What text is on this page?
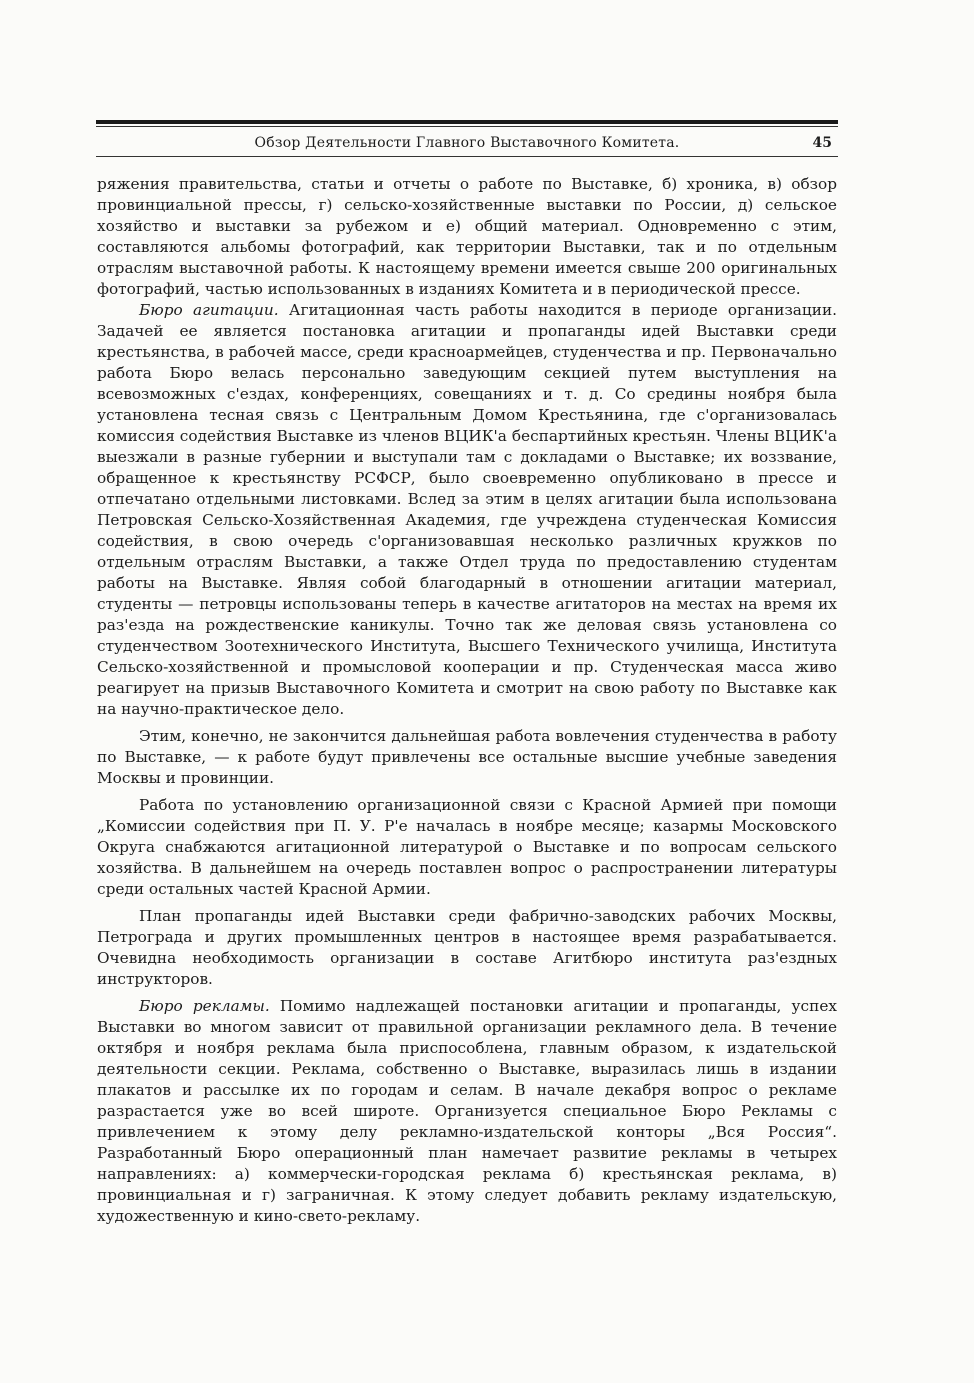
Обзор Деятельности Главного Выставочного Комитета.	45

ряжения правительства, статьи и отчеты о работе по Выставке, б) хроника, в) обзор провинциальной прессы, г) сельско-хозяйственные выставки по России, д) сельское хозяйство и выставки за рубежом и е) общий материал. Одновременно с этим, составляются альбомы фотографий, как территории Выставки, так и по отдельным отраслям выставочной работы. К настоящему времени имеется свыше 200 оригинальных фотографий, частью использованных в изданиях Комитета и в периодической прессе.

Бюро агитации. Агитационная часть работы находится в периоде организации. Задачей ее является постановка агитации и пропаганды идей Выставки среди крестьянства, в рабочей массе, среди красноармейцев, студенчества и пр. Первоначально работа Бюро велась персонально заведующим секцией путем выступления на всевозможных с'ездах, конференциях, совещаниях и т. д. Со средины ноября была установлена тесная связь с Центральным Домом Крестьянина, где с'организовалась комиссия содействия Выставке из членов ВЦИК'а беспартийных крестьян. Члены ВЦИК'а выезжали в разные губернии и выступали там с докладами о Выставке; их воззвание, обращенное к крестьянству РСФСР, было своевременно опубликовано в прессе и отпечатано отдельными листовками. Вслед за этим в целях агитации была использована Петровская Сельско-Хозяйственная Академия, где учреждена студенческая Комиссия содействия, в свою очередь с'организовавшая несколько различных кружков по отдельным отраслям Выставки, а также Отдел труда по предоставлению студентам работы на Выставке. Являя собой благодарный в отношении агитации материал, студенты — петровцы использованы теперь в качестве агитаторов на местах на время их раз'езда на рождественские каникулы. Точно так же деловая связь установлена со студенчеством Зоотехнического Института, Высшего Технического училища, Института Сельско-хозяйственной и промысловой кооперации и пр. Студенческая масса живо реагирует на призыв Выставочного Комитета и смотрит на свою работу по Выставке как на научно-практическое дело.

Этим, конечно, не закончится дальнейшая работа вовлечения студенчества в работу по Выставке, — к работе будут привлечены все остальные высшие учебные заведения Москвы и провинции.

Работа по установлению организационной связи с Красной Армией при помощи „Комиссии содействия при П. У. Р'е началась в ноябре месяце; казармы Московского Округа снабжаются агитационной литературой о Выставке и по вопросам сельского хозяйства. В дальнейшем на очередь поставлен вопрос о распространении литературы среди остальных частей Красной Армии.

План пропаганды идей Выставки среди фабрично-заводских рабочих Москвы, Петрограда и других промышленных центров в настоящее время разрабатывается. Очевидна необходимость организации в составе Агитбюро института раз'ездных инструкторов.

Бюро рекламы. Помимо надлежащей постановки агитации и пропаганды, успех Выставки во многом зависит от правильной организации рекламного дела. В течение октября и ноября реклама была приспособлена, главным образом, к издательской деятельности секции. Реклама, собственно о Выставке, выразилась лишь в издании плакатов и рассылке их по городам и селам. В начале декабря вопрос о рекламе разрастается уже во всей широте. Организуется специальное Бюро Рекламы с привлечением к этому делу рекламно-издательской конторы „Вся Россия“. Разработанный Бюро операционный план намечает развитие рекламы в четырех направлениях: а) коммерчески-городская реклама б) крестьянская реклама, в) провинциальная и г) заграничная. К этому следует добавить рекламу издательскую, художественную и кино-свето-рекламу.
